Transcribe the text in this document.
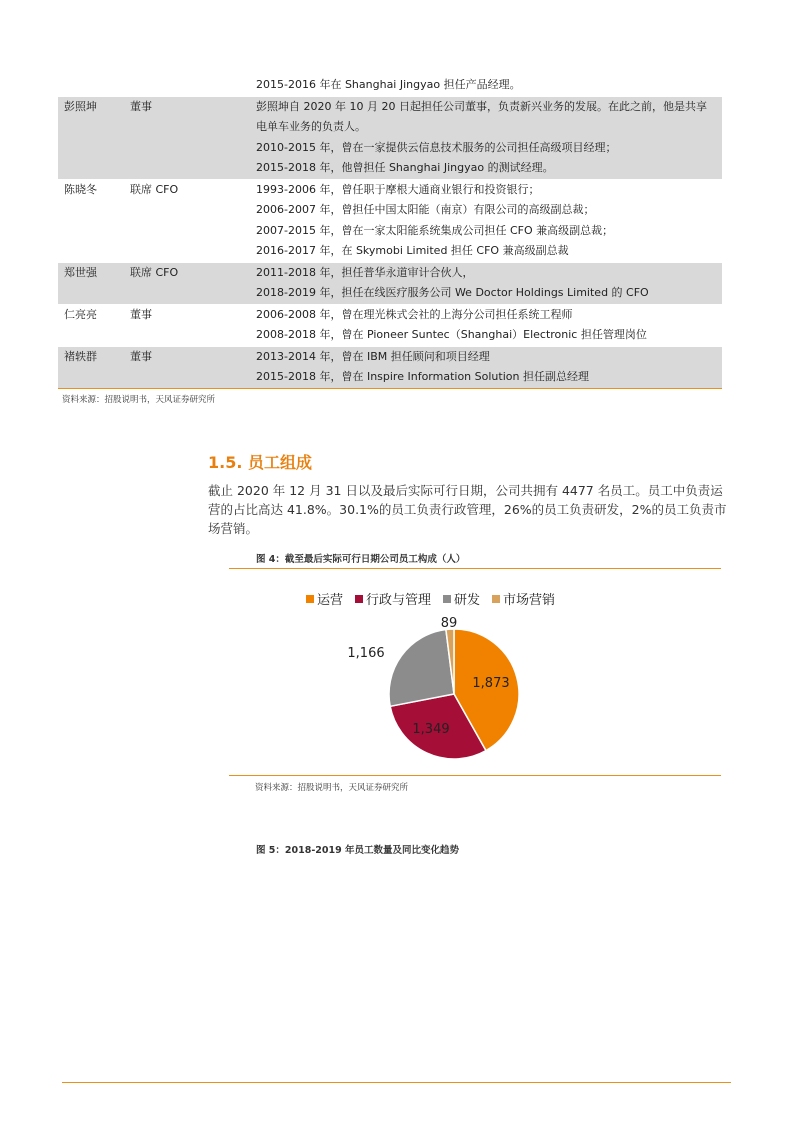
		2015-2016 年在 Shanghai Jingyao 担任产品经理。

彭照坤	董事	彭照坤自 2020 年 10 月 20 日起担任公司董事，负责新兴业务的发展。在此之前，他是共享电单车业务的负责人。
2010-2015 年，曾在一家提供云信息技术服务的公司担任高级项目经理；
2015-2018 年，他曾担任 Shanghai Jingyao 的测试经理。

陈晓冬	联席 CFO	1993-2006 年，曾任职于摩根大通商业银行和投资银行；
2006-2007 年，曾担任中国太阳能（南京）有限公司的高级副总裁；
2007-2015 年，曾在一家太阳能系统集成公司担任 CFO 兼高级副总裁；
2016-2017 年，在 Skymobi Limited 担任 CFO 兼高级副总裁

郑世强	联席 CFO	2011-2018 年，担任普华永道审计合伙人，
2018-2019 年，担任在线医疗服务公司 We Doctor Holdings Limited 的 CFO

仁亮亮	董事	2006-2008 年，曾在理光株式会社的上海分公司担任系统工程师
2008-2018 年，曾在 Pioneer Suntec（Shanghai）Electronic 担任管理岗位

褚轶群	董事	2013-2014 年，曾在 IBM 担任顾问和项目经理
2015-2018 年，曾在 Inspire Information Solution 担任副总经理
资料来源：招股说明书，天风证券研究所
1.5. 员工组成
截止 2020 年 12 月 31 日以及最后实际可行日期，公司共拥有 4477 名员工。员工中负责运营的占比高达 41.8%。30.1%的员工负责行政管理，26%的员工负责研发，2%的员工负责市场营销。
图 4：截至最后实际可行日期公司员工构成（人）
运营 行政与管理 研发 市场营销
1,873
1,349
1,166
89
资料来源：招股说明书，天风证券研究所
图 5：2018-2019 年员工数量及同比变化趋势
